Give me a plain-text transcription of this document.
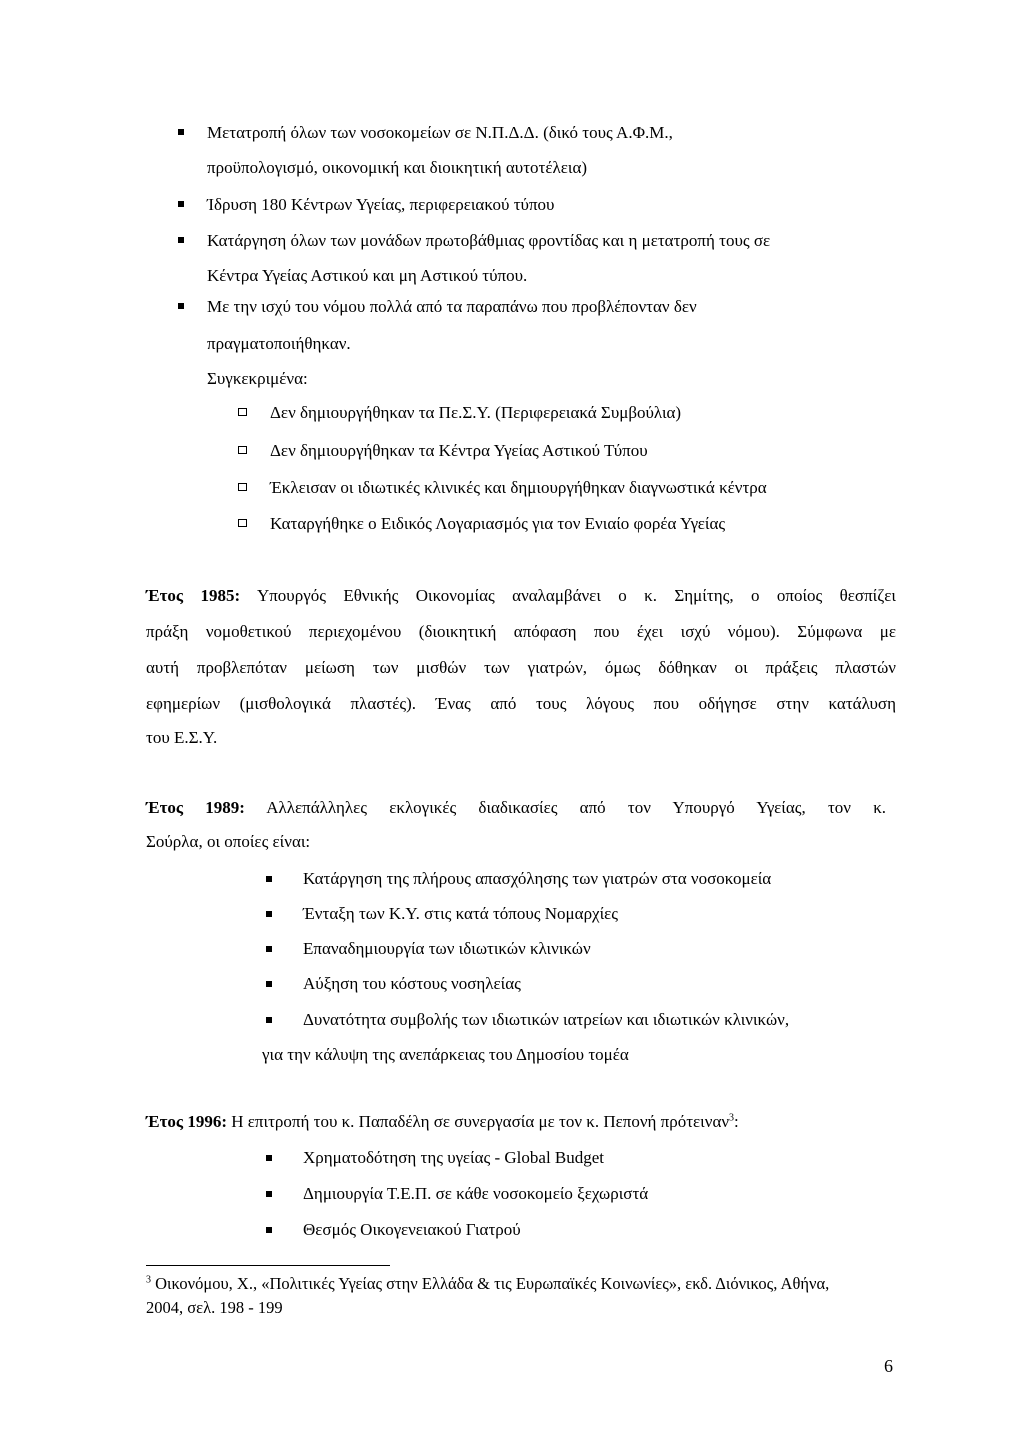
Μετατροπή όλων των νοσοκομείων σε Ν.Π.Δ.Δ. (δικό τους Α.Φ.Μ.,
προϋπολογισμό, οικονομική και διοικητική αυτοτέλεια)
Ίδρυση 180 Κέντρων Υγείας, περιφερειακού τύπου
Κατάργηση όλων των μονάδων πρωτοβάθμιας φροντίδας και η μετατροπή τους σε
Κέντρα Υγείας Αστικού και μη Αστικού τύπου.
Με την ισχύ του νόμου πολλά από τα παραπάνω που προβλέπονταν δεν
πραγματοποιήθηκαν.
Συγκεκριμένα:
Δεν δημιουργήθηκαν τα Πε.Σ.Υ. (Περιφερειακά Συμβούλια)
Δεν δημιουργήθηκαν τα Κέντρα Υγείας Αστικού Τύπου
Έκλεισαν οι ιδιωτικές κλινικές και δημιουργήθηκαν διαγνωστικά κέντρα
Καταργήθηκε ο Ειδικός Λογαριασμός για τον Ενιαίο φορέα Υγείας
Έτος 1985: Υπουργός Εθνικής Οικονομίας αναλαμβάνει ο κ. Σημίτης, ο οποίος θεσπίζει
πράξη νομοθετικού περιεχομένου (διοικητική απόφαση που έχει ισχύ νόμου). Σύμφωνα με
αυτή προβλεπόταν μείωση των μισθών των γιατρών, όμως δόθηκαν οι πράξεις πλαστών
εφημερίων (μισθολογικά πλαστές). Ένας από τους λόγους που οδήγησε στην κατάλυση
του Ε.Σ.Υ.
Έτος 1989: Αλλεπάλληλες εκλογικές διαδικασίες από τον Υπουργό Υγείας, τον κ.
Σούρλα, οι οποίες είναι:
Κατάργηση της πλήρους απασχόλησης των γιατρών στα νοσοκομεία
Ένταξη των Κ.Υ. στις κατά τόπους Νομαρχίες
Επαναδημιουργία των ιδιωτικών κλινικών
Αύξηση του κόστους νοσηλείας
Δυνατότητα συμβολής των ιδιωτικών ιατρείων και ιδιωτικών κλινικών,
για την κάλυψη της ανεπάρκειας του Δημοσίου τομέα
Έτος 1996: Η επιτροπή του κ. Παπαδέλη σε συνεργασία με τον κ. Πεπονή πρότειναν$^3$:
Χρηματοδότηση της υγείας - Global Budget
Δημιουργία Τ.Ε.Π. σε κάθε νοσοκομείο ξεχωριστά
Θεσμός Οικογενειακού Γιατρού
$^3$ Οικονόμου, Χ., «Πολιτικές Υγείας στην Ελλάδα & τις Ευρωπαϊκές Κοινωνίες», εκδ. Διόνικος, Αθήνα,
2004, σελ. 198 - 199
6
